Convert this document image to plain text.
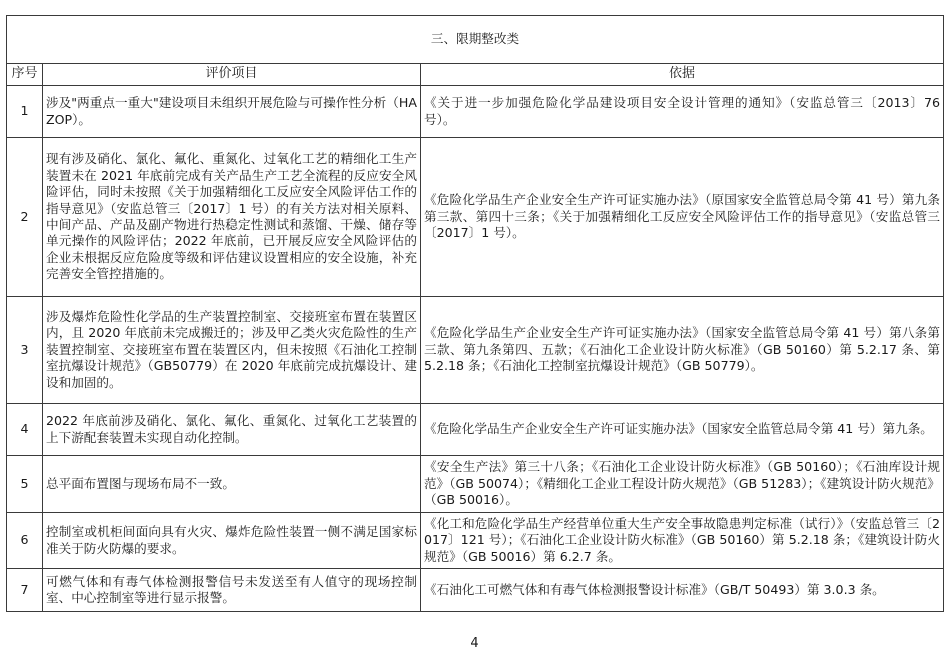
三、限期整改类		
序号	评价项目	依据
1	涉及"两重点一重大"建设项目未组织开展危险与可操作性分析（HAZOP）。	《关于进一步加强危险化学品建设项目安全设计管理的通知》（安监总管三〔2013〕76 号）。
2	现有涉及硝化、氯化、氟化、重氮化、过氧化工艺的精细化工生产装置未在 2021 年底前完成有关产品生产工艺全流程的反应安全风险评估，同时未按照《关于加强精细化工反应安全风险评估工作的指导意见》（安监总管三〔2017〕1 号）的有关方法对相关原料、中间产品、产品及副产物进行热稳定性测试和蒸馏、干燥、储存等单元操作的风险评估；2022 年底前，已开展反应安全风险评估的企业未根据反应危险度等级和评估建议设置相应的安全设施，补充完善安全管控措施的。	《危险化学品生产企业安全生产许可证实施办法》（原国家安全监管总局令第 41 号）第九条第三款、第四十三条；《关于加强精细化工反应安全风险评估工作的指导意见》（安监总管三〔2017〕1 号）。
3	涉及爆炸危险性化学品的生产装置控制室、交接班室布置在装置区内，且 2020 年底前未完成搬迁的；涉及甲乙类火灾危险性的生产装置控制室、交接班室布置在装置区内，但未按照《石油化工控制室抗爆设计规范》（GB50779）在 2020 年底前完成抗爆设计、建设和加固的。	《危险化学品生产企业安全生产许可证实施办法》（国家安全监管总局令第 41 号）第八条第三款、第九条第四、五款；《石油化工企业设计防火标准》（GB 50160）第 5.2.17 条、第 5.2.18 条；《石油化工控制室抗爆设计规范》（GB 50779）。
4	2022 年底前涉及硝化、氯化、氟化、重氮化、过氧化工艺装置的上下游配套装置未实现自动化控制。	《危险化学品生产企业安全生产许可证实施办法》（国家安全监管总局令第 41 号）第九条。
5	总平面布置图与现场布局不一致。	《安全生产法》第三十八条；《石油化工企业设计防火标准》（GB 50160）；《石油库设计规范》（GB 50074）；《精细化工企业工程设计防火规范》（GB 51283）；《建筑设计防火规范》（GB 50016）。
6	控制室或机柜间面向具有火灾、爆炸危险性装置一侧不满足国家标准关于防火防爆的要求。	《化工和危险化学品生产经营单位重大生产安全事故隐患判定标准（试行）》（安监总管三〔2017〕121 号）；《石油化工企业设计防火标准》（GB 50160）第 5.2.18 条；《建筑设计防火规范》（GB 50016）第 6.2.7 条。
7	可燃气体和有毒气体检测报警信号未发送至有人值守的现场控制室、中心控制室等进行显示报警。	《石油化工可燃气体和有毒气体检测报警设计标准》（GB/T 50493）第 3.0.3 条。
4
